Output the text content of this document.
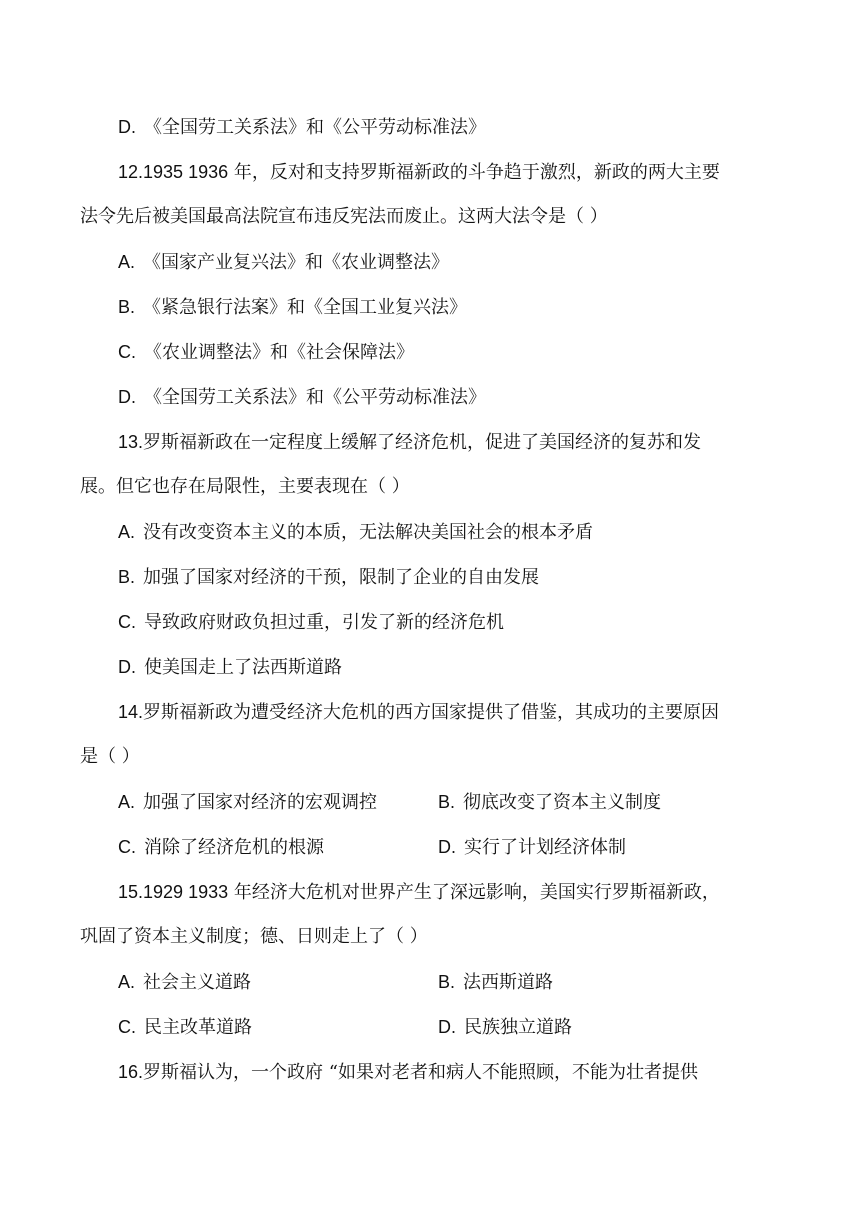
D. 《全国劳工关系法》和《公平劳动标准法》
12.1935 1936 年，反对和支持罗斯福新政的斗争趋于激烈，新政的两大主要
法令先后被美国最高法院宣布违反宪法而废止。这两大法令是（ ）
A. 《国家产业复兴法》和《农业调整法》
B. 《紧急银行法案》和《全国工业复兴法》
C. 《农业调整法》和《社会保障法》
D. 《全国劳工关系法》和《公平劳动标准法》
13.罗斯福新政在一定程度上缓解了经济危机，促进了美国经济的复苏和发
展。但它也存在局限性，主要表现在（ ）
A. 没有改变资本主义的本质，无法解决美国社会的根本矛盾
B. 加强了国家对经济的干预，限制了企业的自由发展
C. 导致政府财政负担过重，引发了新的经济危机
D. 使美国走上了法西斯道路
14.罗斯福新政为遭受经济大危机的西方国家提供了借鉴，其成功的主要原因
是（ ）
A. 加强了国家对经济的宏观调控	B. 彻底改变了资本主义制度
C. 消除了经济危机的根源	D. 实行了计划经济体制
15.1929 1933 年经济大危机对世界产生了深远影响，美国实行罗斯福新政，
巩固了资本主义制度；德、日则走上了（ ）
A. 社会主义道路	B. 法西斯道路
C. 民主改革道路	D. 民族独立道路
16.罗斯福认为，一个政府 “如果对老者和病人不能照顾，不能为壮者提供
